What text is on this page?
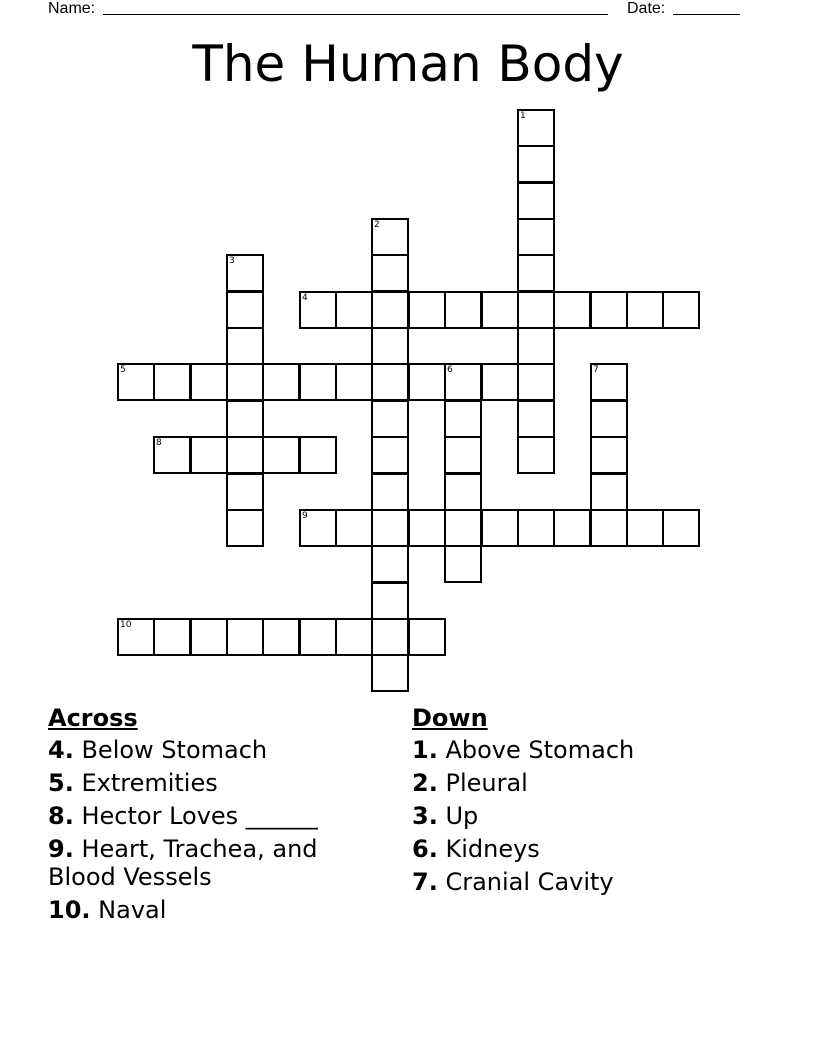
Name:	Date:
The Human Body
1
2
3
4
5	6	7
8
9
10
Across
4. Below Stomach
5. Extremities
8. Hector Loves ______
9. Heart, Trachea, and Blood Vessels
10. Naval
Down
1. Above Stomach
2. Pleural
3. Up
6. Kidneys
7. Cranial Cavity
